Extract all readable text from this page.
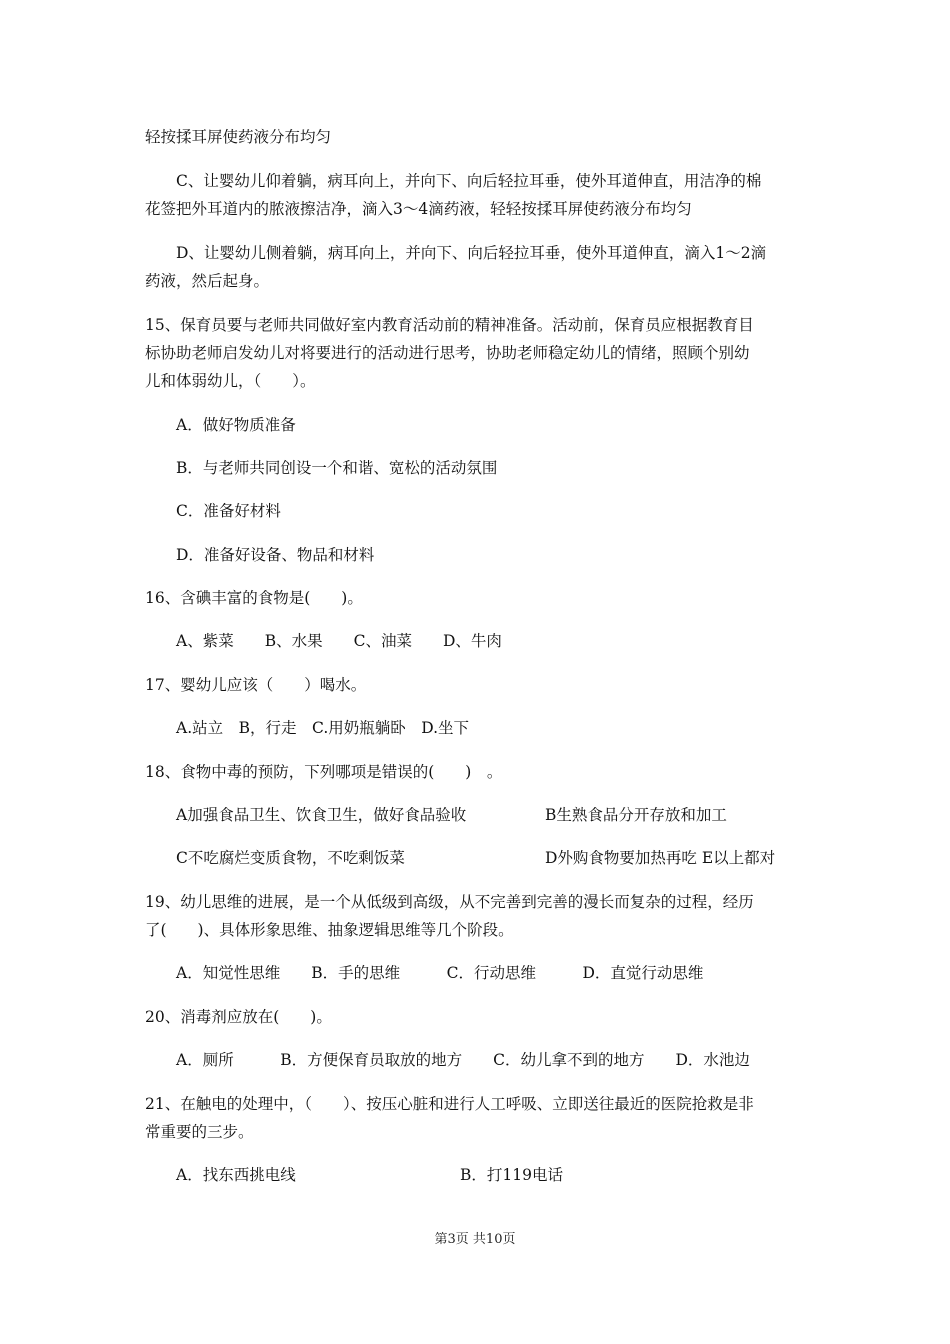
轻按揉耳屏使药液分布均匀
C、让婴幼儿仰着躺，病耳向上，并向下、向后轻拉耳垂，使外耳道伸直，用洁净的棉
花签把外耳道内的脓液擦洁净，滴入3～4滴药液，轻轻按揉耳屏使药液分布均匀
D、让婴幼儿侧着躺，病耳向上，并向下、向后轻拉耳垂，使外耳道伸直，滴入1～2滴
药液，然后起身。
15、保育员要与老师共同做好室内教育活动前的精神准备。活动前，保育员应根据教育目
标协助老师启发幼儿对将要进行的活动进行思考，协助老师稳定幼儿的情绪，照顾个别幼
儿和体弱幼儿，（　　）。
A．做好物质准备
B．与老师共同创设一个和谐、宽松的活动氛围
C．准备好材料
D．准备好设备、物品和材料
16、含碘丰富的食物是(　　)。
A、紫菜　　B、水果　　C、油菜　　D、牛肉
17、婴幼儿应该（　　）喝水。
A.站立　B，行走　C.用奶瓶躺卧　D.坐下
18、食物中毒的预防，下列哪项是错误的(　　)　。
A加强食品卫生、饮食卫生，做好食品验收	B生熟食品分开存放和加工
C不吃腐烂变质食物，不吃剩饭菜	D外购食物要加热再吃 E以上都对
19、幼儿思维的进展，是一个从低级到高级，从不完善到完善的漫长而复杂的过程，经历
了(　　)、具体形象思维、抽象逻辑思维等几个阶段。
A．知觉性思维　　B．手的思维　　　C．行动思维　　　D．直觉行动思维
20、消毒剂应放在(　　)。
A．厕所　　　B．方便保育员取放的地方　　C．幼儿拿不到的地方　　D．水池边
21、在触电的处理中，（　　）、按压心脏和进行人工呼吸、立即送往最近的医院抢救是非
常重要的三步。
A．找东西挑电线	B．打119电话
第3页 共10页
